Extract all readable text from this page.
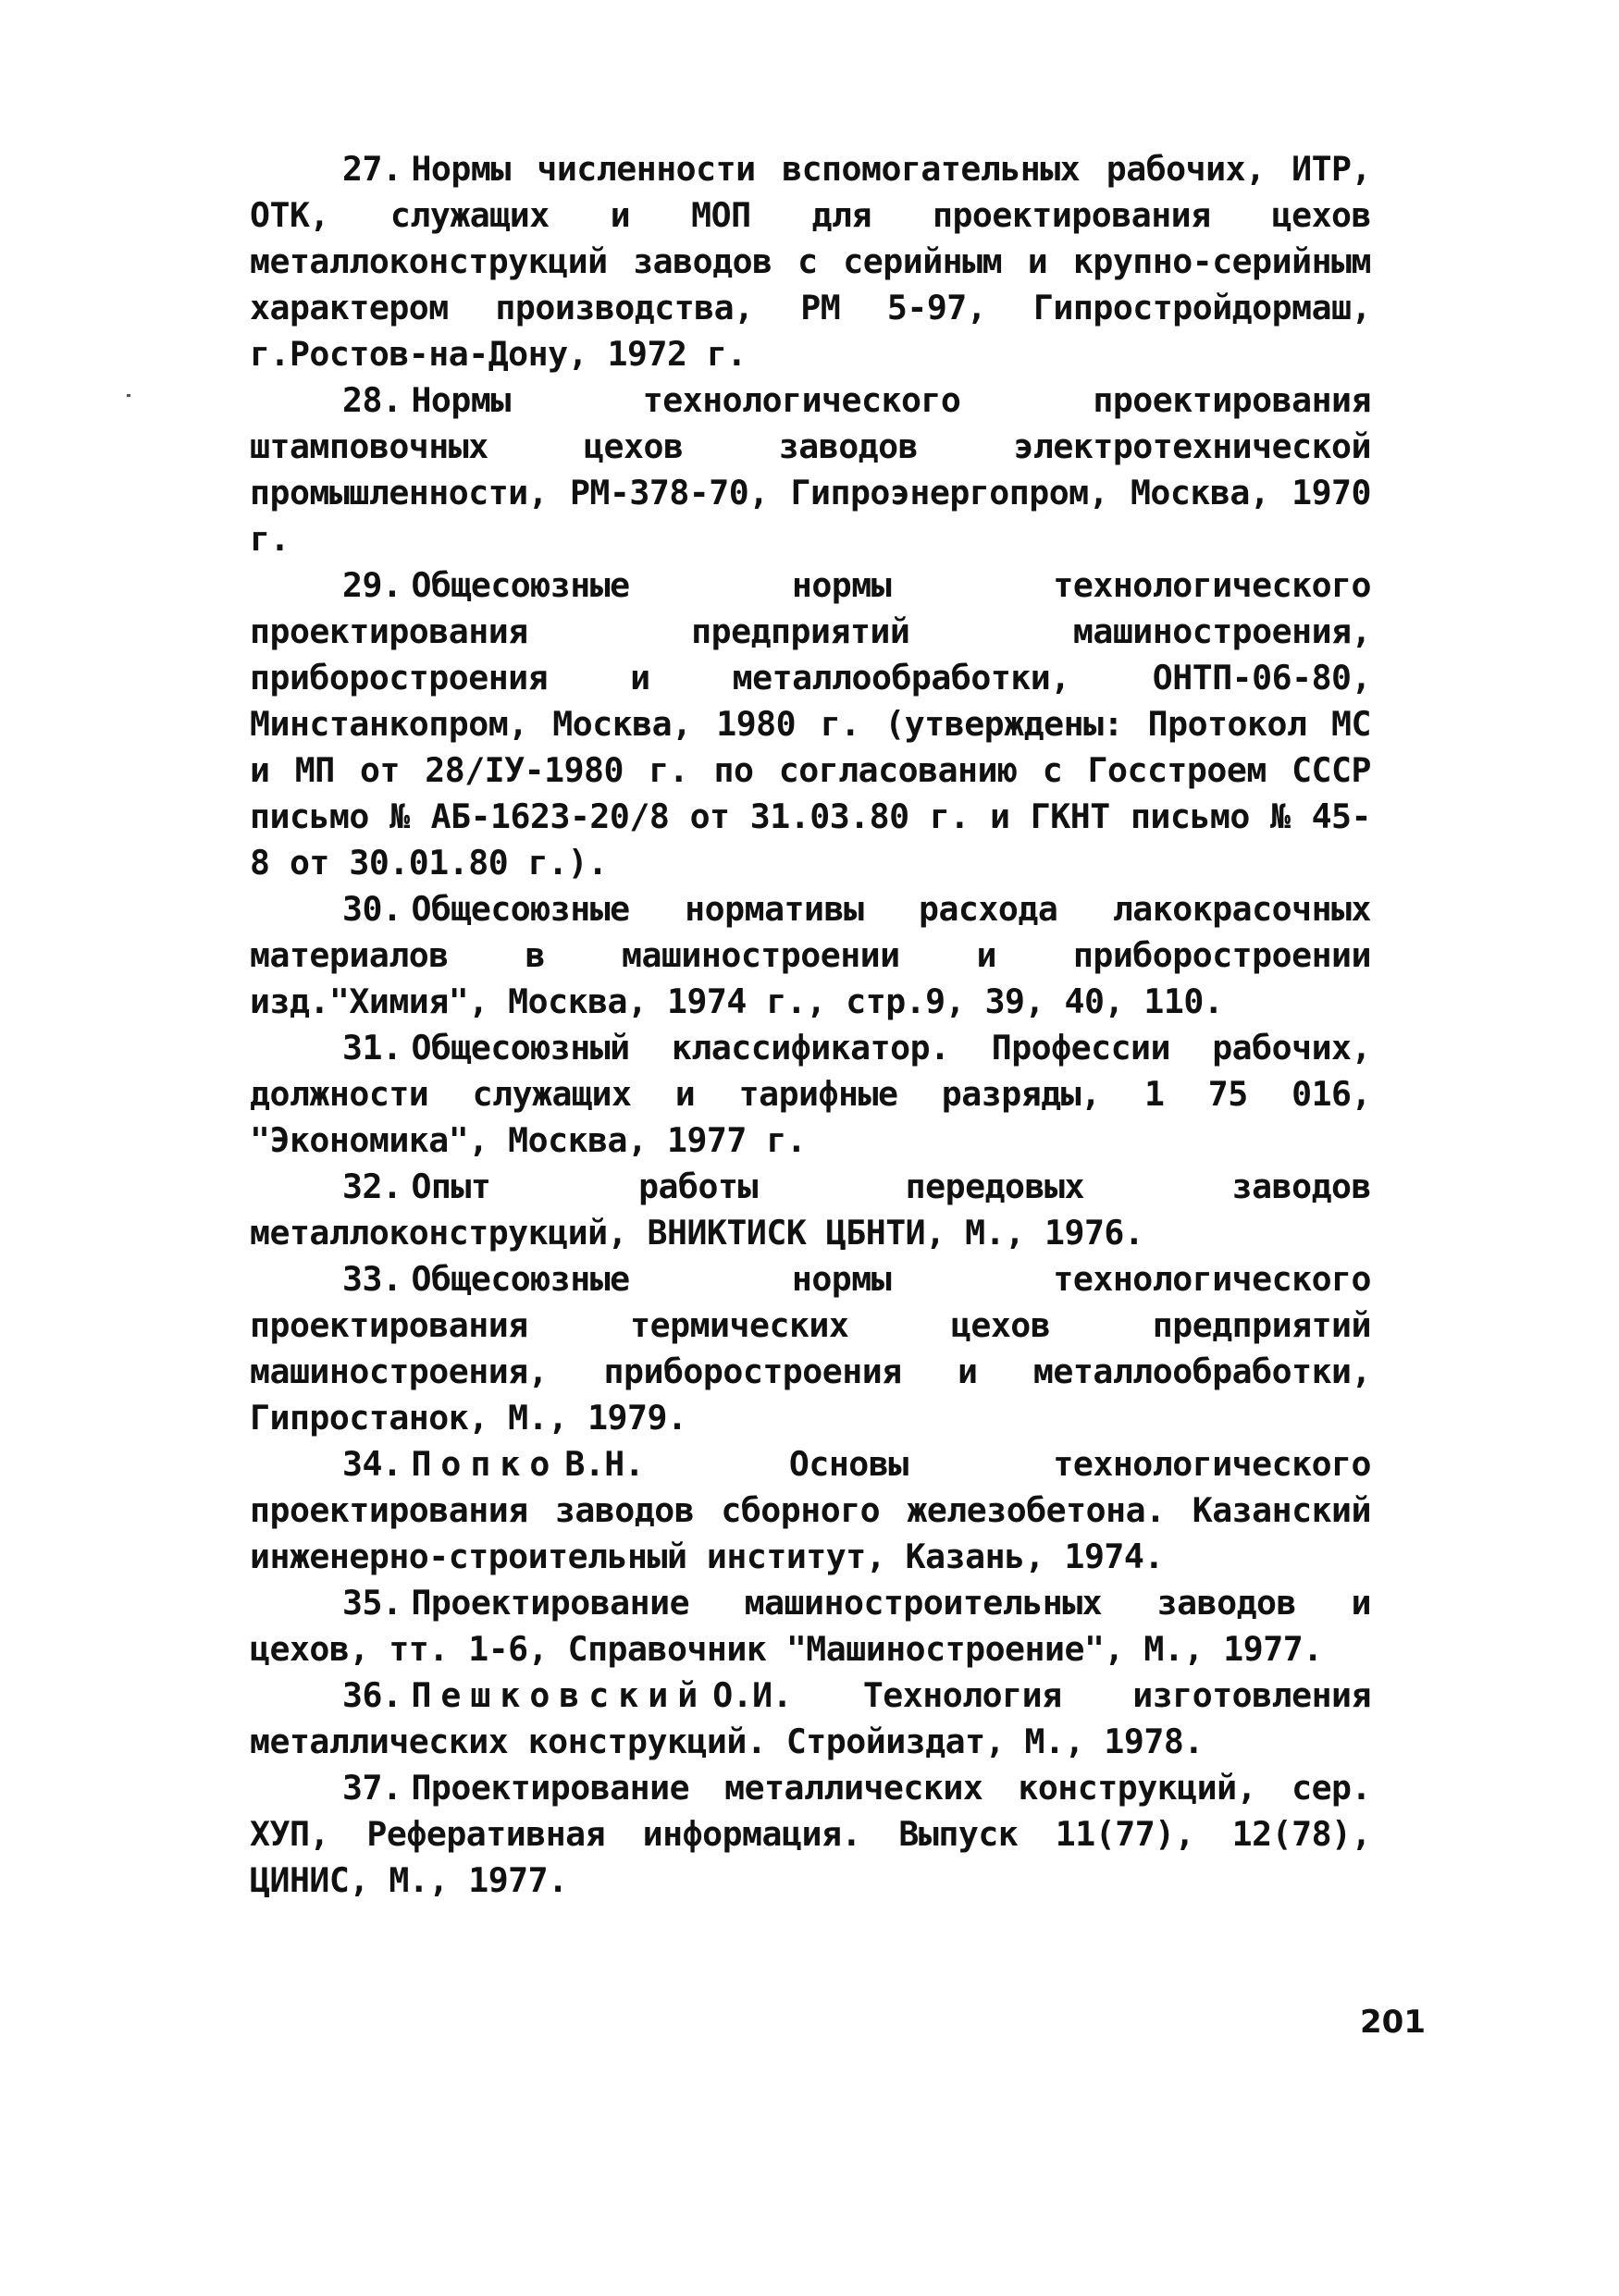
27. Нормы численности вспомогательных рабочих, ИТР, ОТК, служащих и МОП для проектирования цехов металлоконструкций заводов с серийным и крупно-серийным характером производства, РМ 5-97, Гипростройдормаш, г.Ростов-на-Дону, 1972 г.

28. Нормы технологического проектирования штамповочных цехов заводов электротехнической промышленности, РМ-378-70, Гипроэнергопром, Москва, 1970 г.

29. Общесоюзные нормы технологического проектирования предприятий машиностроения, приборостроения и металлообработки, ОНТП-06-80, Минстанкопром, Москва, 1980 г. (утверждены: Протокол МС и МП от 28/IУ-1980 г. по согласованию с Госстроем СССР письмо № АБ-1623-20/8 от 31.03.80 г. и ГКНТ письмо № 45-8 от 30.01.80 г.).

30. Общесоюзные нормативы расхода лакокрасочных материалов в машиностроении и приборостроении изд."Химия", Москва, 1974 г., стр.9, 39, 40, 110.

31. Общесоюзный классификатор. Профессии рабочих, должности служащих и тарифные разряды, 1 75 016, "Экономика", Москва, 1977 г.

32. Опыт работы передовых заводов металлоконструкций, ВНИКТИСК ЦБНТИ, М., 1976.

33. Общесоюзные нормы технологического проектирования термических цехов предприятий машиностроения, приборостроения и металлообработки, Гипростанок, М., 1979.

34. Попко В.Н. Основы технологического проектирования заводов сборного железобетона. Казанский инженерно-строительный институт, Казань, 1974.

35. Проектирование машиностроительных заводов и цехов, тт. 1-6, Справочник "Машиностроение", М., 1977.

36. Пешковский О.И. Технология изготовления металлических конструкций. Стройиздат, М., 1978.

37. Проектирование металлических конструкций, сер. ХУП, Реферативная информация. Выпуск 11(77), 12(78), ЦИНИС, М., 1977.

201
